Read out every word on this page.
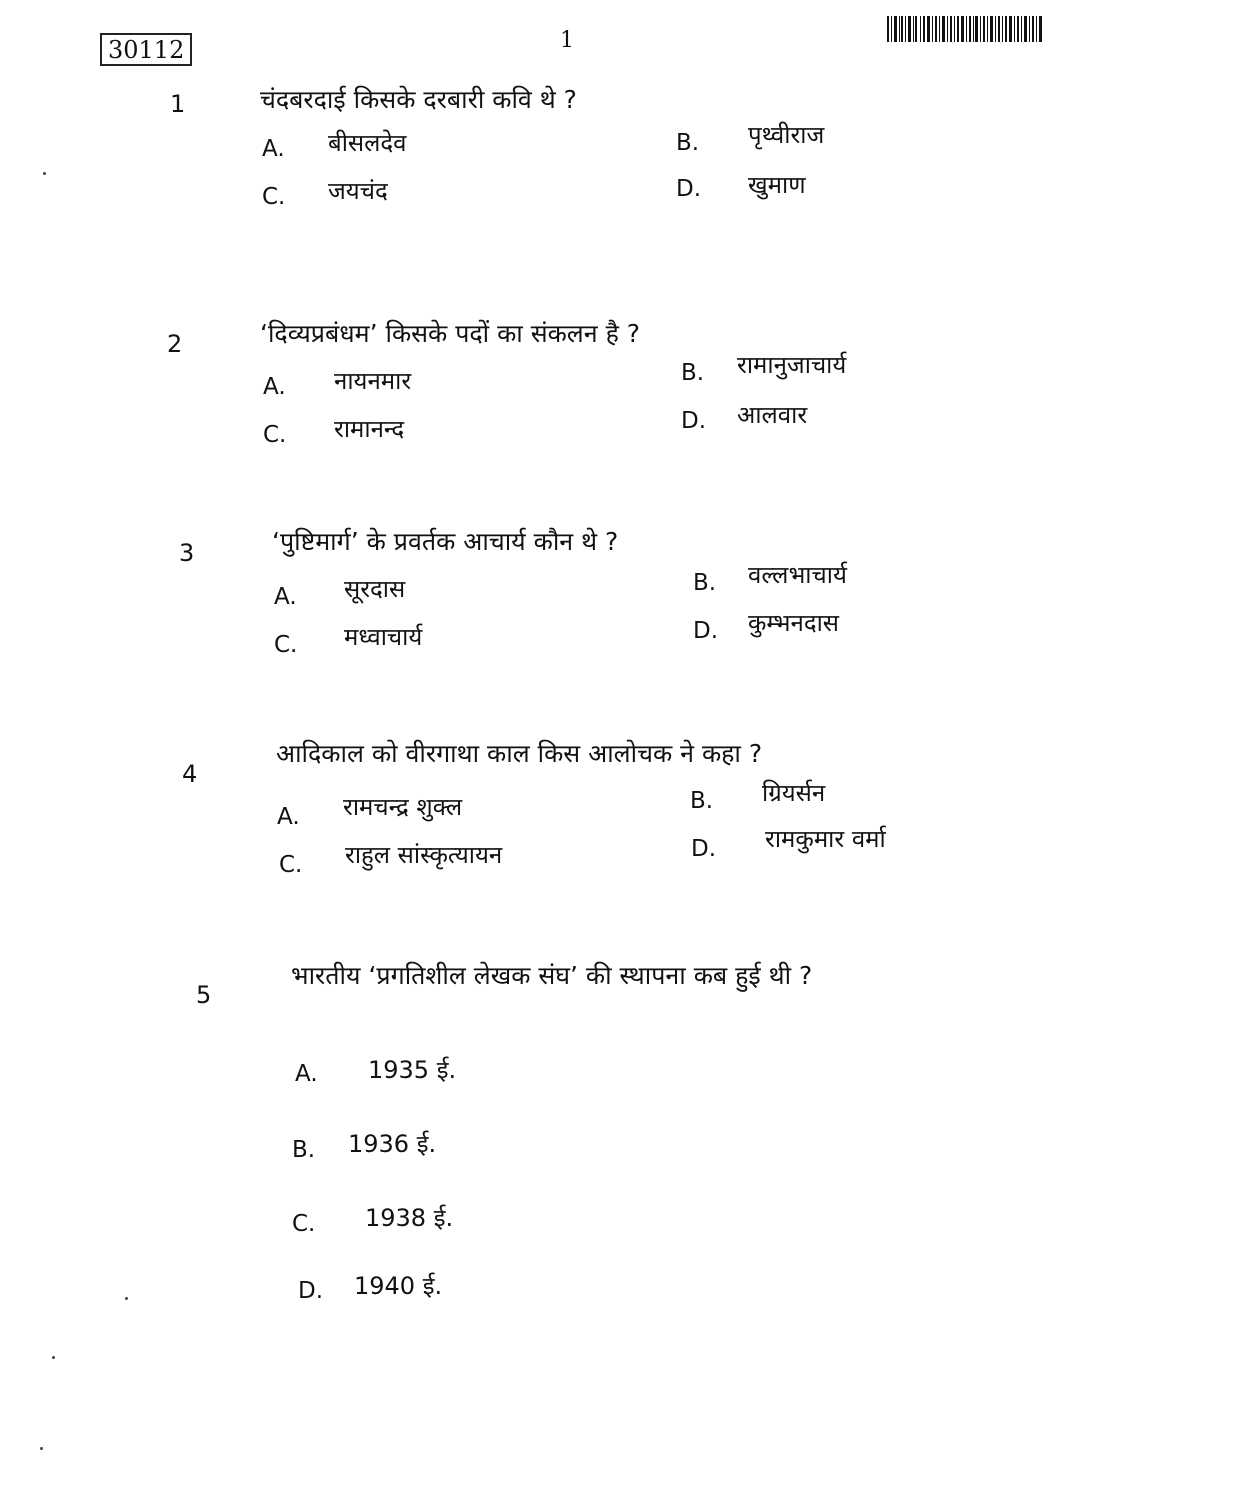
30112	1
1	चंदबरदाई किसके दरबारी कवि थे ?
A. बीसलदेव	B. पृथ्वीराज
C. जयचंद	D. खुमाण
2	‘दिव्यप्रबंधम’ किसके पदों का संकलन है ?
A. नायनमार	B. रामानुजाचार्य
C. रामानन्द	D. आलवार
3	‘पुष्टिमार्ग’ के प्रवर्तक आचार्य कौन थे ?
A. सूरदास	B. वल्लभाचार्य
C. मध्वाचार्य	D. कुम्भनदास
4
आदिकाल को वीरगाथा काल किस आलोचक ने कहा ?
A. रामचन्द्र शुक्ल	B. ग्रियर्सन
C. राहुल सांस्कृत्यायन	D. रामकुमार वर्मा
5
भारतीय ‘प्रगतिशील लेखक संघ’ की स्थापना कब हुई थी ?
A. 1935 ई.
B. 1936 ई.
C. 1938 ई.
D. 1940 ई.
